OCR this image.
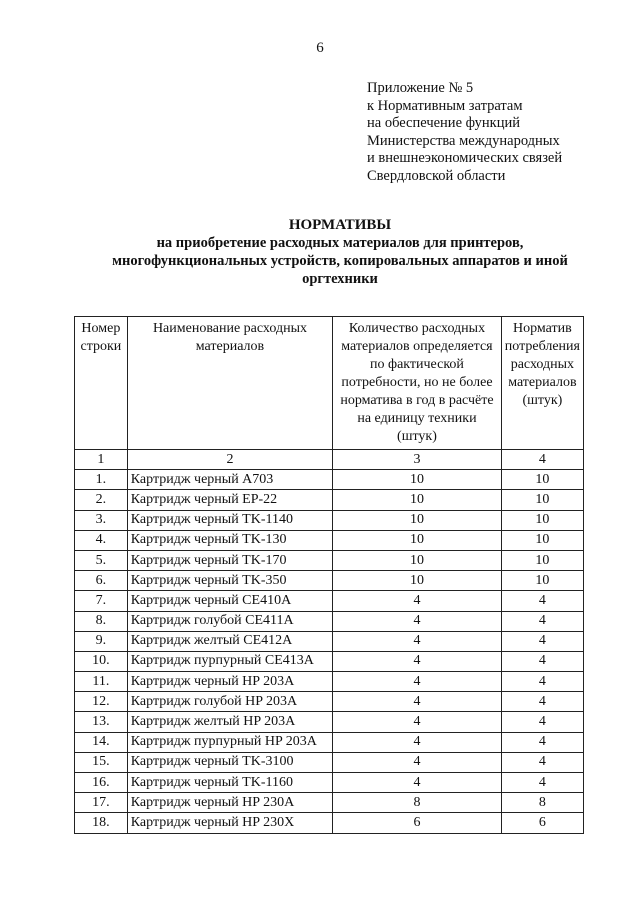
6
Приложение № 5
к Нормативным затратам
на обеспечение функций
Министерства международных
и внешнеэкономических связей
Свердловской области
НОРМАТИВЫ
на приобретение расходных материалов для принтеров,
многофункциональных устройств, копировальных аппаратов и иной
оргтехники
Номер строки	Наименование расходных материалов	Количество расходных материалов определяется по фактической потребности, но не более норматива в год в расчёте на единицу техники (штук)	Норматив потребления расходных материалов (штук)
1	2	3	4
1.	Картридж черный А703	10	10
2.	Картридж черный EP-22	10	10
3.	Картридж черный TK-1140	10	10
4.	Картридж черный TK-130	10	10
5.	Картридж черный TK-170	10	10
6.	Картридж черный TK-350	10	10
7.	Картридж черный CE410A	4	4
8.	Картридж голубой CE411A	4	4
9.	Картридж желтый CE412A	4	4
10.	Картридж пурпурный CE413A	4	4
11.	Картридж черный HP 203A	4	4
12.	Картридж голубой HP 203A	4	4
13.	Картридж желтый HP 203A	4	4
14.	Картридж пурпурный HP 203A	4	4
15.	Картридж черный TK-3100	4	4
16.	Картридж черный TK-1160	4	4
17.	Картридж черный HP 230A	8	8
18.	Картридж черный HP 230X	6	6
